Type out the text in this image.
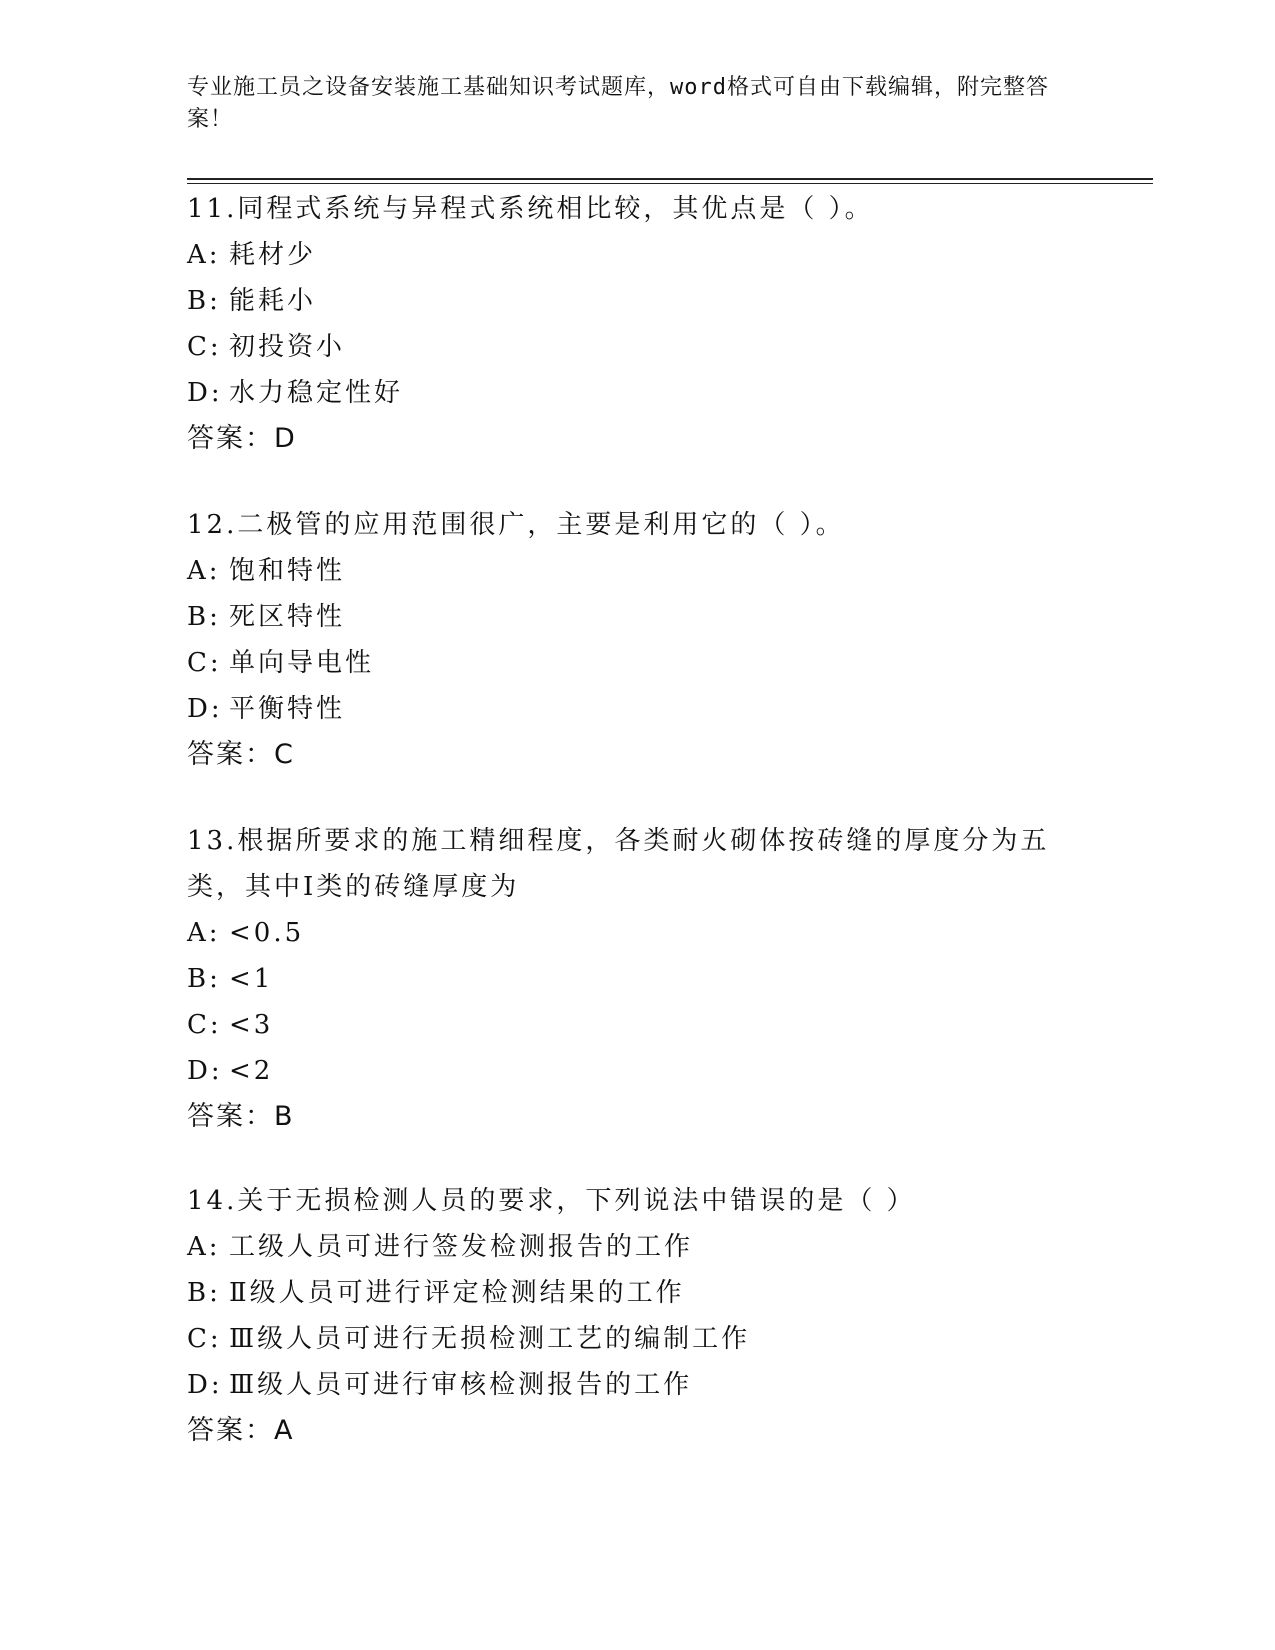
专业施工员之设备安装施工基础知识考试题库，word格式可自由下载编辑，附完整答案！

11.同程式系统与异程式系统相比较，其优点是（ ）。

A: 耗材少

B: 能耗小

C: 初投资小

D: 水力稳定性好

答案：D

12.二极管的应用范围很广，主要是利用它的（ ）。

A: 饱和特性

B: 死区特性

C: 单向导电性

D: 平衡特性

答案：C

13.根据所要求的施工精细程度，各类耐火砌体按砖缝的厚度分为五类，其中Ⅰ类的砖缝厚度为

A: <0.5

B: <1

C: <3

D: <2

答案：B

14.关于无损检测人员的要求，下列说法中错误的是（ ）

A: 工级人员可进行签发检测报告的工作

B: Ⅱ级人员可进行评定检测结果的工作

C: Ⅲ级人员可进行无损检测工艺的编制工作

D: Ⅲ级人员可进行审核检测报告的工作

答案：A
